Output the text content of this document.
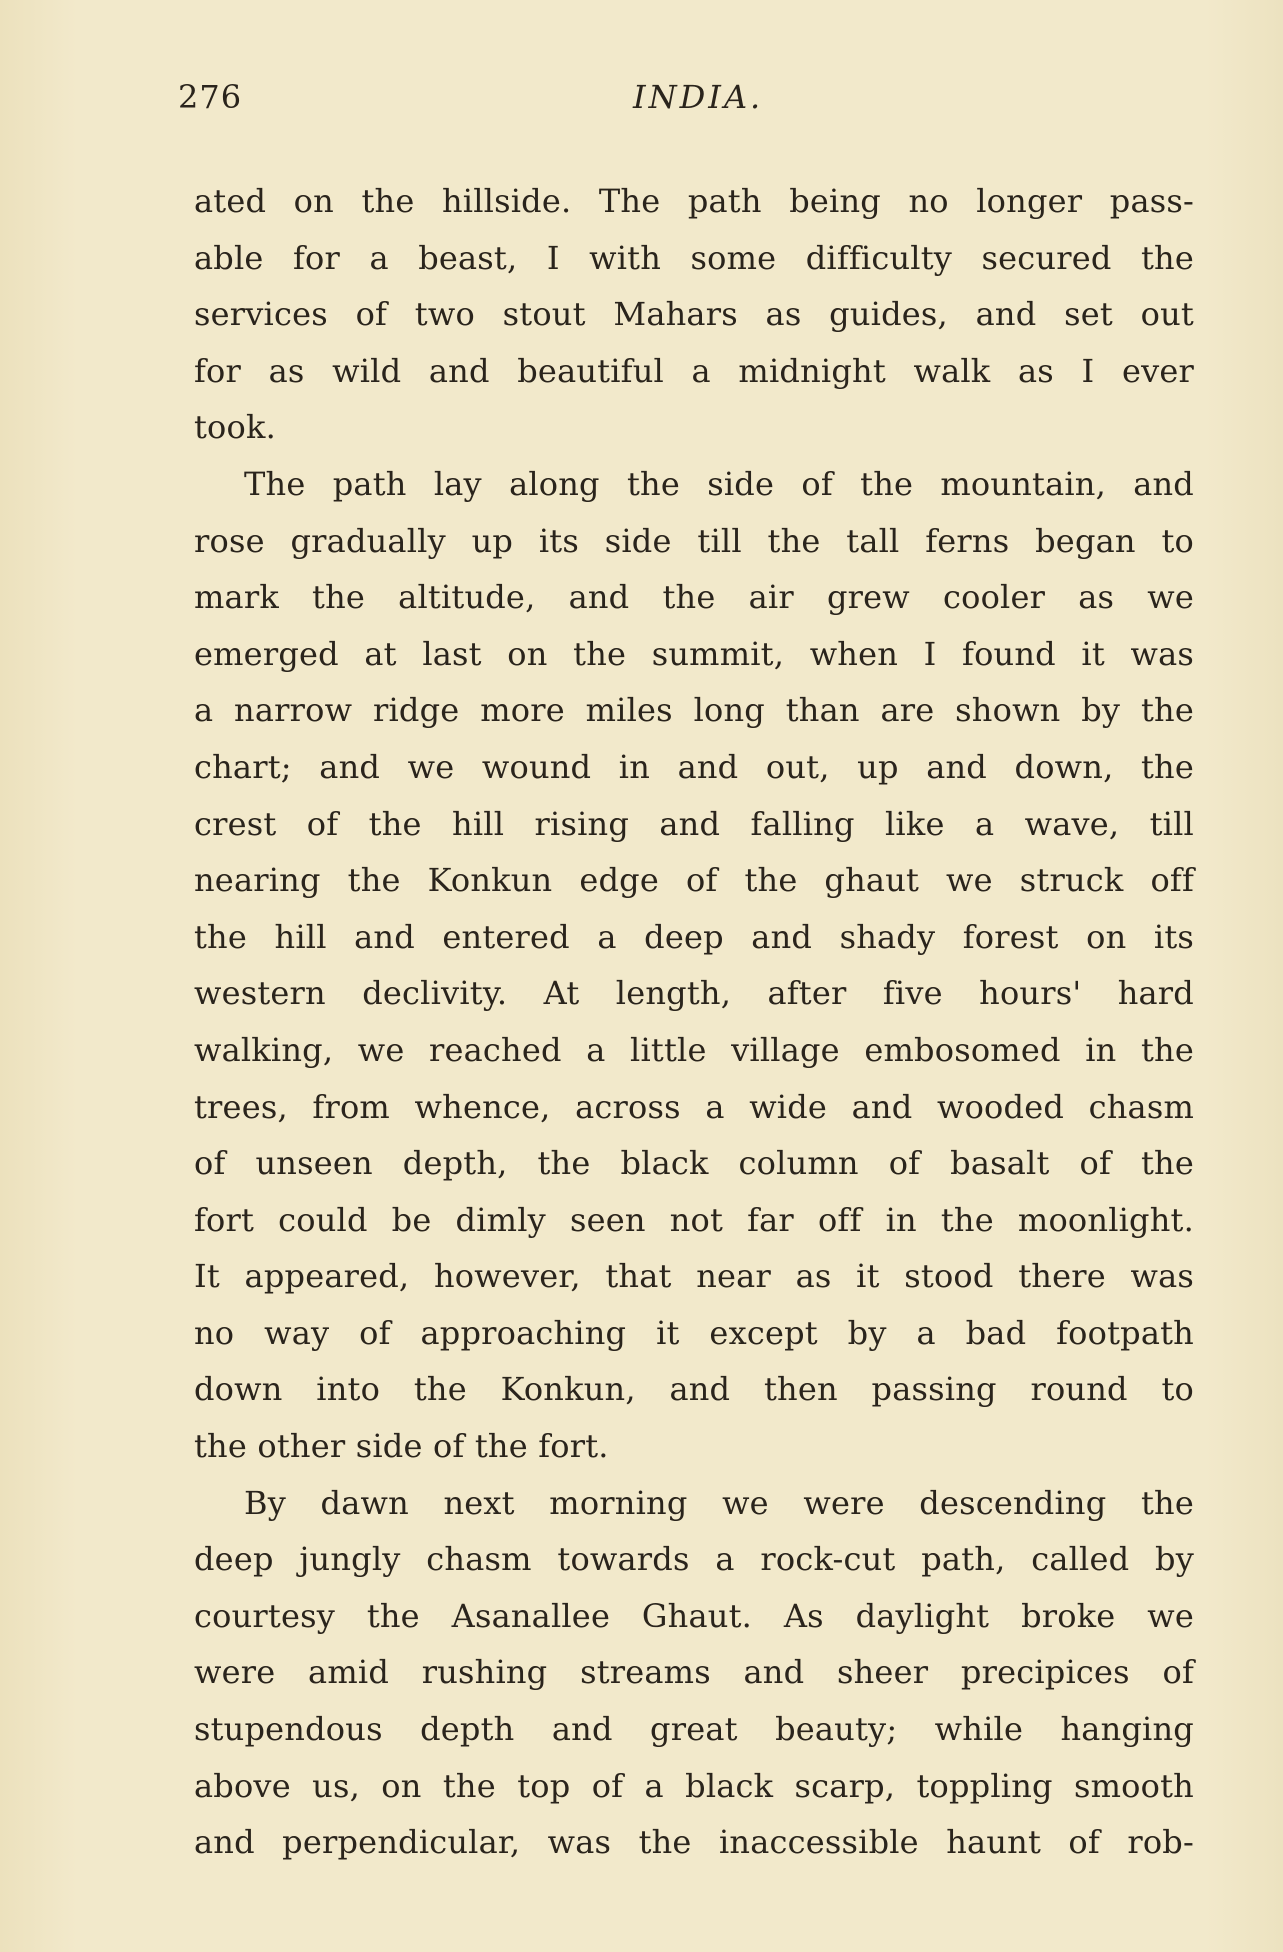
276	INDIA.
ated on the hillside. The path being no longer pass-
able for a beast, I with some difficulty secured the
services of two stout Mahars as guides, and set out
for as wild and beautiful a midnight walk as I ever
took.
The path lay along the side of the mountain, and
rose gradually up its side till the tall ferns began to
mark the altitude, and the air grew cooler as we
emerged at last on the summit, when I found it was
a narrow ridge more miles long than are shown by the
chart; and we wound in and out, up and down, the
crest of the hill rising and falling like a wave, till
nearing the Konkun edge of the ghaut we struck off
the hill and entered a deep and shady forest on its
western declivity. At length, after five hours' hard
walking, we reached a little village embosomed in the
trees, from whence, across a wide and wooded chasm
of unseen depth, the black column of basalt of the
fort could be dimly seen not far off in the moonlight.
It appeared, however, that near as it stood there was
no way of approaching it except by a bad footpath
down into the Konkun, and then passing round to
the other side of the fort.
By dawn next morning we were descending the
deep jungly chasm towards a rock-cut path, called by
courtesy the Asanallee Ghaut. As daylight broke we
were amid rushing streams and sheer precipices of
stupendous depth and great beauty; while hanging
above us, on the top of a black scarp, toppling smooth
and perpendicular, was the inaccessible haunt of rob-
